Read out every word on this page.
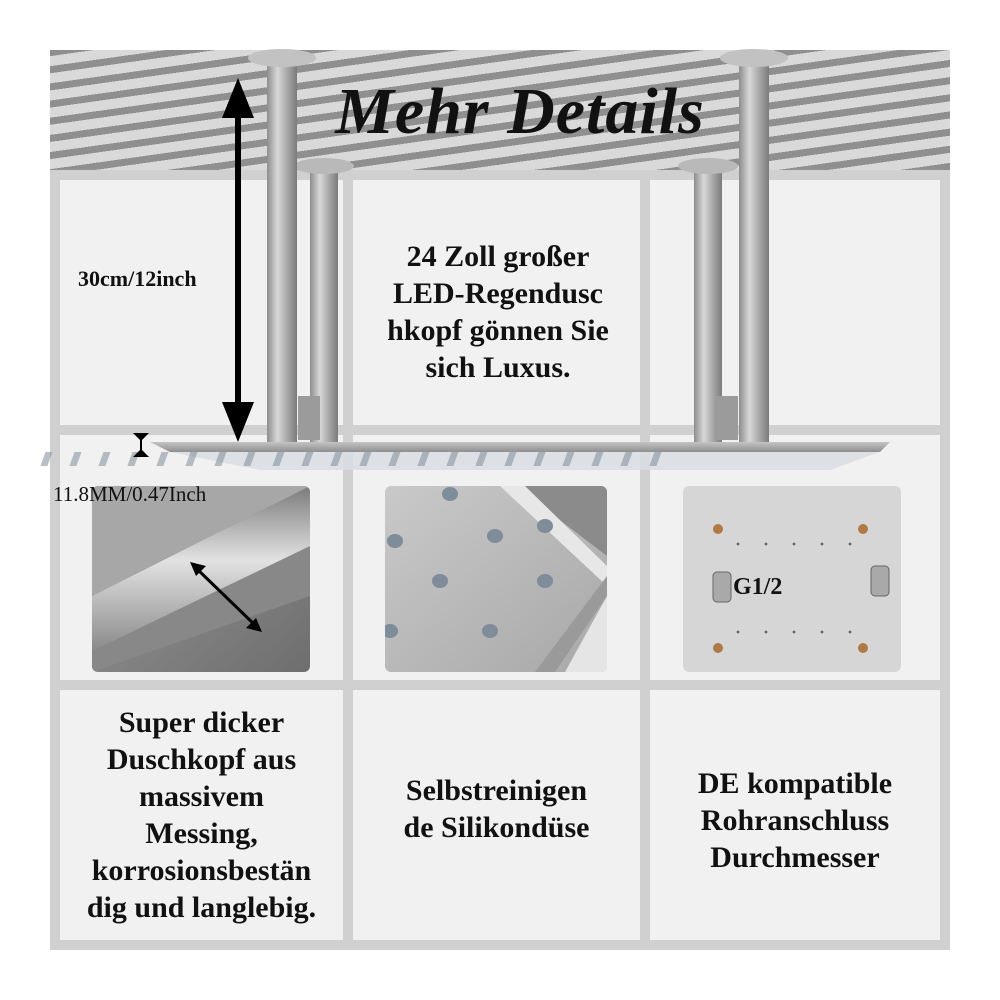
Mehr Details
30cm/12inch
11.8MM/0.47Inch
24 Zoll großer
LED-Regendusc
hkopf gönnen Sie
sich Luxus.
Super dicker
Duschkopf aus
massivem
Messing,
korrosionsbestän
dig und langlebig.
Selbstreinigen
de Silikondüse
DE kompatible
Rohranschluss
Durchmesser
G1/2
